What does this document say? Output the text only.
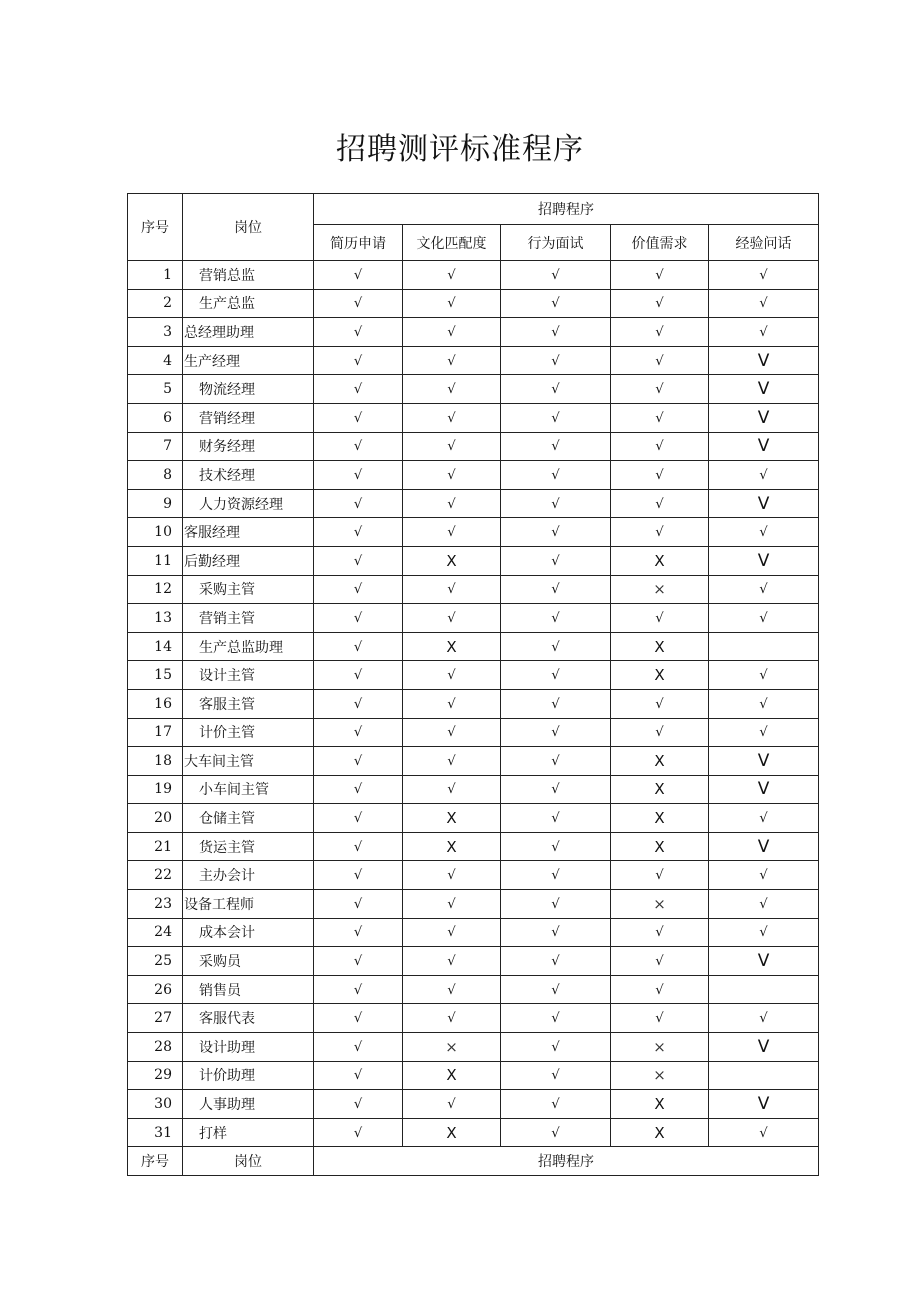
招聘测评标准程序
序号	岗位	招聘程序				
		简历申请	文化匹配度	行为面试	价值需求	经验问话
1	营销总监	√	√	√	√	√
2	生产总监	√	√	√	√	√
3	总经理助理	√	√	√	√	√
4	生产经理	√	√	√	√	V
5	物流经理	√	√	√	√	V
6	营销经理	√	√	√	√	V
7	财务经理	√	√	√	√	V
8	技术经理	√	√	√	√	√
9	人力资源经理	√	√	√	√	V
10	客服经理	√	√	√	√	√
11	后勤经理	√	X	√	X	V
12	采购主管	√	√	√	×	√
13	营销主管	√	√	√	√	√
14	生产总监助理	√	X	√	X	
15	设计主管	√	√	√	X	√
16	客服主管	√	√	√	√	√
17	计价主管	√	√	√	√	√
18	大车间主管	√	√	√	X	V
19	小车间主管	√	√	√	X	V
20	仓储主管	√	X	√	X	√
21	货运主管	√	X	√	X	V
22	主办会计	√	√	√	√	√
23	设备工程师	√	√	√	×	√
24	成本会计	√	√	√	√	√
25	采购员	√	√	√	√	V
26	销售员	√	√	√	√	
27	客服代表	√	√	√	√	√
28	设计助理	√	×	√	×	V
29	计价助理	√	X	√	×	
30	人事助理	√	√	√	X	V
31	打样	√	X	√	X	√
序号	岗位	招聘程序				
